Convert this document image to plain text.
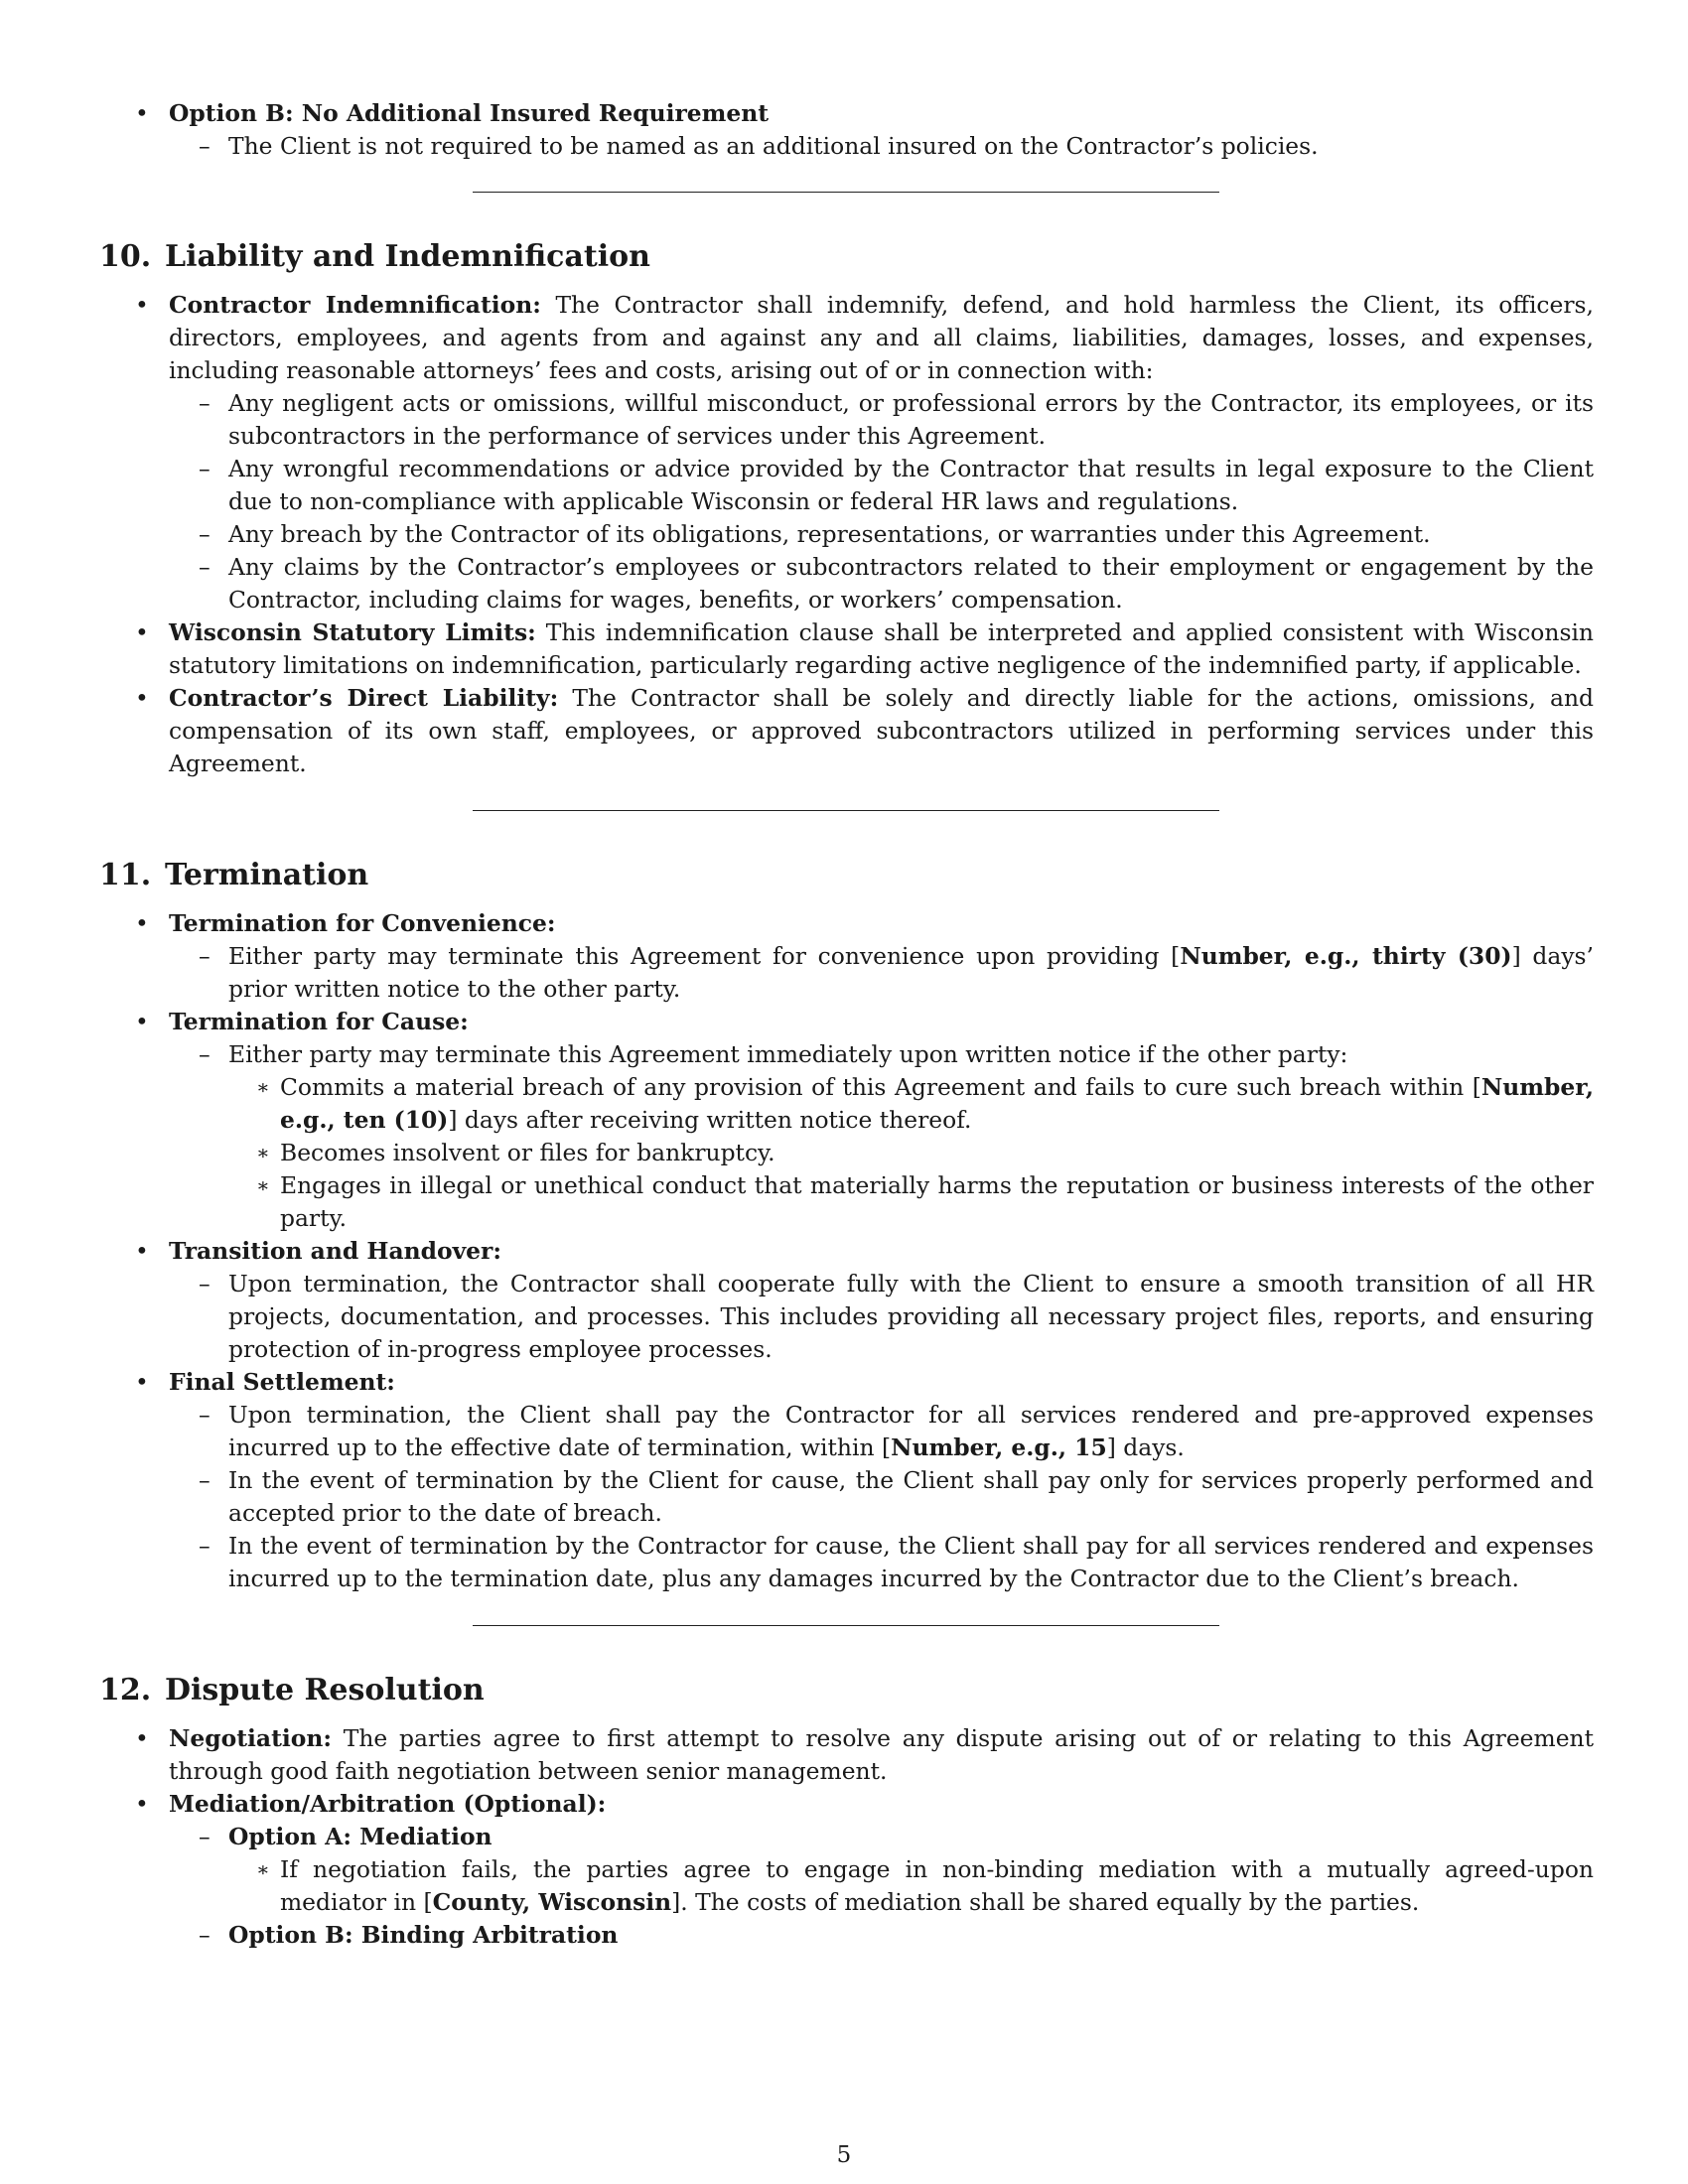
• Option B: No Additional Insured Requirement
– The Client is not required to be named as an additional insured on the Contractor’s policies.
10. Liability and Indemnification
• Contractor Indemnification: The Contractor shall indemnify, defend, and hold harmless the Client, its officers, directors, employees, and agents from and against any and all claims, liabilities, damages, losses, and expenses, including reasonable attorneys’ fees and costs, arising out of or in connection with:
– Any negligent acts or omissions, willful misconduct, or professional errors by the Contractor, its employees, or its subcontractors in the performance of services under this Agreement.
– Any wrongful recommendations or advice provided by the Contractor that results in legal exposure to the Client due to non-compliance with applicable Wisconsin or federal HR laws and regulations.
– Any breach by the Contractor of its obligations, representations, or warranties under this Agreement.
– Any claims by the Contractor’s employees or subcontractors related to their employment or engagement by the Contractor, including claims for wages, benefits, or workers’ compensation.
• Wisconsin Statutory Limits: This indemnification clause shall be interpreted and applied consistent with Wisconsin statutory limitations on indemnification, particularly regarding active negligence of the indemnified party, if applicable.
• Contractor’s Direct Liability: The Contractor shall be solely and directly liable for the actions, omissions, and compensation of its own staff, employees, or approved subcontractors utilized in performing services under this Agreement.
11. Termination
• Termination for Convenience:
– Either party may terminate this Agreement for convenience upon providing [Number, e.g., thirty (30)] days’ prior written notice to the other party.
• Termination for Cause:
– Either party may terminate this Agreement immediately upon written notice if the other party:
∗ Commits a material breach of any provision of this Agreement and fails to cure such breach within [Number, e.g., ten (10)] days after receiving written notice thereof.
∗ Becomes insolvent or files for bankruptcy.
∗ Engages in illegal or unethical conduct that materially harms the reputation or business interests of the other party.
• Transition and Handover:
– Upon termination, the Contractor shall cooperate fully with the Client to ensure a smooth transition of all HR projects, documentation, and processes. This includes providing all necessary project files, reports, and ensuring protection of in-progress employee processes.
• Final Settlement:
– Upon termination, the Client shall pay the Contractor for all services rendered and pre-approved expenses incurred up to the effective date of termination, within [Number, e.g., 15] days.
– In the event of termination by the Client for cause, the Client shall pay only for services properly performed and accepted prior to the date of breach.
– In the event of termination by the Contractor for cause, the Client shall pay for all services rendered and expenses incurred up to the termination date, plus any damages incurred by the Contractor due to the Client’s breach.
12. Dispute Resolution
• Negotiation: The parties agree to first attempt to resolve any dispute arising out of or relating to this Agreement through good faith negotiation between senior management.
• Mediation/Arbitration (Optional):
– Option A: Mediation
∗ If negotiation fails, the parties agree to engage in non-binding mediation with a mutually agreed-upon mediator in [County, Wisconsin]. The costs of mediation shall be shared equally by the parties.
– Option B: Binding Arbitration
5
